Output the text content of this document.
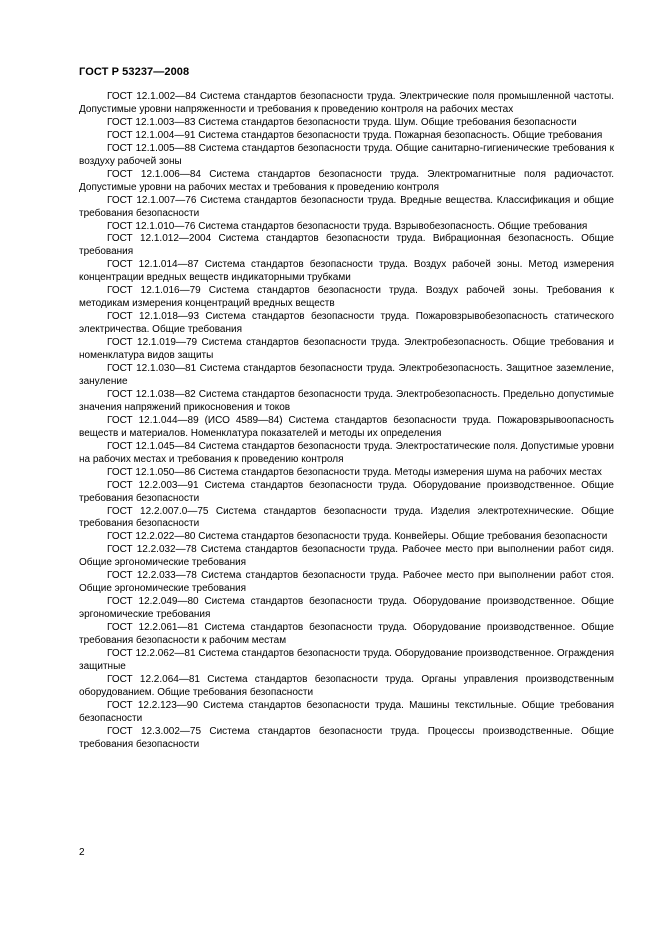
ГОСТ Р 53237—2008

ГОСТ 12.1.002—84 Система стандартов безопасности труда. Электрические поля промышленной частоты. Допустимые уровни напряженности и требования к проведению контроля на рабочих местах

ГОСТ 12.1.003—83 Система стандартов безопасности труда. Шум. Общие требования безопасности

ГОСТ 12.1.004—91 Система стандартов безопасности труда. Пожарная безопасность. Общие требования

ГОСТ 12.1.005—88 Система стандартов безопасности труда. Общие санитарно-гигиенические требования к воздуху рабочей зоны

ГОСТ 12.1.006—84 Система стандартов безопасности труда. Электромагнитные поля радиочастот. Допустимые уровни на рабочих местах и требования к проведению контроля

ГОСТ 12.1.007—76 Система стандартов безопасности труда. Вредные вещества. Классификация и общие требования безопасности

ГОСТ 12.1.010—76 Система стандартов безопасности труда. Взрывобезопасность. Общие требования

ГОСТ 12.1.012—2004 Система стандартов безопасности труда. Вибрационная безопасность. Общие требования

ГОСТ 12.1.014—87 Система стандартов безопасности труда. Воздух рабочей зоны. Метод измерения концентрации вредных веществ индикаторными трубками

ГОСТ 12.1.016—79 Система стандартов безопасности труда. Воздух рабочей зоны. Требования к методикам измерения концентраций вредных веществ

ГОСТ 12.1.018—93 Система стандартов безопасности труда. Пожаровзрывобезопасность статического электричества. Общие требования

ГОСТ 12.1.019—79 Система стандартов безопасности труда. Электробезопасность. Общие требования и номенклатура видов защиты

ГОСТ 12.1.030—81 Система стандартов безопасности труда. Электробезопасность. Защитное заземление, зануление

ГОСТ 12.1.038—82 Система стандартов безопасности труда. Электробезопасность. Предельно допустимые значения напряжений прикосновения и токов

ГОСТ 12.1.044—89 (ИСО 4589—84) Система стандартов безопасности труда. Пожаровзрывоопасность веществ и материалов. Номенклатура показателей и методы их определения

ГОСТ 12.1.045—84 Система стандартов безопасности труда. Электростатические поля. Допустимые уровни на рабочих местах и требования к проведению контроля

ГОСТ 12.1.050—86 Система стандартов безопасности труда. Методы измерения шума на рабочих местах

ГОСТ 12.2.003—91 Система стандартов безопасности труда. Оборудование производственное. Общие требования безопасности

ГОСТ 12.2.007.0—75 Система стандартов безопасности труда. Изделия электротехнические. Общие требования безопасности

ГОСТ 12.2.022—80 Система стандартов безопасности труда. Конвейеры. Общие требования безопасности

ГОСТ 12.2.032—78 Система стандартов безопасности труда. Рабочее место при выполнении работ сидя. Общие эргономические требования

ГОСТ 12.2.033—78 Система стандартов безопасности труда. Рабочее место при выполнении работ стоя. Общие эргономические требования

ГОСТ 12.2.049—80 Система стандартов безопасности труда. Оборудование производственное. Общие эргономические требования

ГОСТ 12.2.061—81 Система стандартов безопасности труда. Оборудование производственное. Общие требования безопасности к рабочим местам

ГОСТ 12.2.062—81 Система стандартов безопасности труда. Оборудование производственное. Ограждения защитные

ГОСТ 12.2.064—81 Система стандартов безопасности труда. Органы управления производственным оборудованием. Общие требования безопасности

ГОСТ 12.2.123—90 Система стандартов безопасности труда. Машины текстильные. Общие требования безопасности

ГОСТ 12.3.002—75 Система стандартов безопасности труда. Процессы производственные. Общие требования безопасности

2
